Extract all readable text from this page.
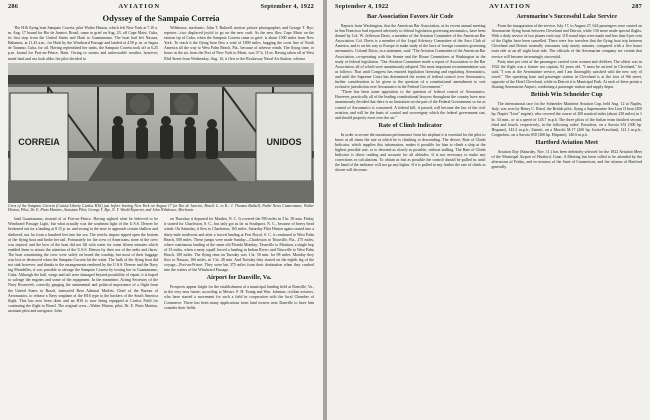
286	AVIATION	September 4, 1922
Odyssey of the Sampaio Correia

The H16 flying boat Sampaio Correia, pilot Walter Hinton, which left New York at 7.10 a. m. Aug. 17 bound for Rio de Janeiro, Brazil, came to grief on Aug. 23, off Cape Maisi, Cuba, its first stop from the United States and Haiti to Guantanamo. The boat had left Nassau, Bahamas, at 11.43 a.m., for Haiti by the Windward Passage and landed at 4.50 p. m. at Sagua de Tanamo, Cuba, for oil. Having replenished her tanks, the Sampaio Correia took off at 6.25 p.m. bound for Port-au-Prince, Haiti. Owing to storms and unfavorable weather, however, made land and sea look alike, the pilot decided to

Wilshouse, mechanic; John T. Baltzell, motion picture photographer; and George T. Bye, reporter—two displaced joyful to go on the new craft. As the new flier, Cape Maisi on the eastern tip of Cuba, when the Sampaio Correia came to grief, is about 1500 miles from New York. To reach it the flying boat flew a total of 1800 miles, hugging the coast line of North America all the way to West Palm Beach, Fla., because of adverse winds. The flying time, or hours in the air, from the Port of New York to Maisi, was 37 h. 14 m. Having taken off at West 83rd Street from Wednesday, Aug. 16, it flew to the Rockaway Naval Air Station, whence

CORREIA	UNIDOS

Crew of the Sampaio Correia (Curtiss-Liberty Curtiss H16) just before leaving New York on August 17 for Rio de Janeiro, Brazil. L. to R.: J. Thomas Baltzell, Pathé News Cameraman; Walter Hinton, Pilot; Dr. E. Pinto Martins, Assistant Pilot; George T. Bye, N. Y. World Reporter, and John Wilshouse, Mechanic

land Guantanamo, instead of at Port-au-Prince. Having sighted what he believed to be Windward Passage Light, but what actually was the southeast light of the U.S.S. Denver he beckoned out for a landing at 8.15 p. m. and swung to the nose to approach certain shallow and sheltered, not far from a hundred feet into the sea. The terrific impact ripped open the bottom of the flying boat and broke her tail. Fortunately for the crew of Americans, none of the crew was injured, and the bow of the boat did not fill with water for some fifteen minutes which enabled them to attract the attention of the U.S.S. Denver by their use of the radio and flares. The boat constituting the crew were safely on board the warship, but most of their baggage was lost or destroyed when the Sampaio Correia hit the water. The hulk of the flying boat did not sink however, and thanks to the arrangements rendered by the U.S.S. Denver and the Navy tug Mondelles, it was possible to salvage the Sampaio Correia by towing her to Guantanamo, Cuba. Although the hull, wings and tail were damaged beyond possibility of repair, it is hoped to salvage the engines and some of the equipment. In the meantime, Acting Secretary of the Navy Roosevelt, correctly gauging the sentimental and political importance of a flight from the United States to Brazil, instructed Rear Admiral Moffett, Chief of the Bureau of Aeronautics, to release a Navy seaplane of the H16 type to the backers of the South America flight. This has now been done and an H16 is now being equipped at Curtiss Field for continuing the flight to Brazil. The original crew—Walter Hinton, pilot; Dr. E. Pinto Martins, assistant pilot and navigator; John

on Thursday it departed for Maiden, N. C. It covered the 590 miles in 5 hr. 50 min. Friday it started for Charleston, S. C., but only got as far as Southport, N. C., because of heavy head winds. On Saturday, it flew to Charleston, 165 miles. Saturday Pilot Hinton again caused into a thirty-mile northwest and after a forced landing at Port Royal, S. C. it continued to West Palm Beach, 500 miles. These jumps were made Sunday—Charleston to Titusville, Fla., 275 miles, where continuous landing of the same old Florida Monday; Titusville to Maitnon, a single hop of 33 miles, when a nasty squall forced a landing in Indian River; and Titusville to West Palm Beach, 100 miles. The flying time on Tuesday was 1 hr. 50 min. for 98 miles. Monday they flew to Nassau, 160 miles, in 1 hr. 28 min. And Tuesday they started on the eighth leg of the voyage—Port-au-Prince. They were but 375 miles from their destination when they crashed into the waters of the Windward Passage.

Airport for Danville, Va.

Prospects appear bright for the establishment of a municipal landing field at Danville, Va., in the very near future, according to Messrs. F. H. Young and Wm. Johnson, civilian aviators, who have started a movement for such a field in cooperation with the local Chamber of Commerce. There has been many applications from land owners near Danville to have him consider their fields.

September 4, 1922	AVIATION	287
Bar Association Favors Air Code

Reports from Washington, that the American Bar Association, at its recent annual meeting in San Francisco had reported adversely to federal legislation governing aeronautics, have been denied by Col. W. Jefferson Davis, a member of the Aviation Committee of the American Bar Association. Col. Davis is a member of the Legal Advisory Committee of the Aero Club of America, and is on his way to Europe to make study of the laws of foreign countries governing aeronautics. Colonel Davis, in a statement, said: "The Aviation Committee of the American Bar Association, co-operating with the Senate and the House Committees at Washington in the study of federal legislation. "Our Aviation Committee made a report of Association to the Bar Association, all of which were unanimously adopted. The most important recommendation was as follows: That until Congress has enacted legislation licensing and regulating Aeronautics, and until the Supreme Court has determined the extent of federal control over Aeronautics, further consideration to be given to the question of a constitutional amendment to vest exclusive jurisdiction over Aeronautics in the Federal Government."

"There has been some opposition to the question of federal control of Aeronautics. However, practically all of the leading constitutional lawyers throughout the country have now unanimously decided that there is no limitation on the part of the Federal Government so far as control of Aeronautics is concerned. A federal bill, if passed, will become the law of the civil aviation, and will be the basis of control and sovereignty which the federal government can, and should properly exert over the air."

Rate of Climb Indicator

In order to secure the maximum performance from his airplane it is essential for the pilot to know at all times the rate at which he is climbing or descending. The device, Rate of Climb Indicator, which supplies this information, makes it possible for him to climb a ship at the highest possible rate, or to descend as slowly as possible, without stalling. The Rate of Climb Indicator is direct reading and accurate for all altitudes. It is not necessary to make any corrections or calculations. To obtain as fast as possible the control should be pulled in, until the hand of the indicator will not go any higher. If it is pulled in any further the rate of climb as shown will decrease.

Aeromarine's Successful Lake Service

From the inauguration of the service, July 17, to August 27, 624 passengers were carried on Aeromarine flying boats between Cleveland and Detroit, while 150 more made special flights. With a daily service of two planes each way 118 round trips were made and less than 6 per cent of the flights have been cancelled. There were few travelers that the flying boat trip between Cleveland and Detroit normally consumes only ninety minutes, compared with a five hours train ride or an all night boat ride. The officials of the Aeromarine company are certain that service will become increasingly successful.

Forty nine per cent of the passengers carried were women and children. The oldest was in 1922 the flight was a former sea captain, 92 years old. "I must be arrived in Cleveland," he said, "I was at the Aeromarine service, and I am thoroughly satisfied with the new way of travel." The operating base and passenger station in Cleveland is at the foot of 9th street, opposite of the Hotel Cleveland, while in Detroit it is Municipal Park. At each of these points a floating Aeromarine Airport, combining a passenger station and supply depot.

British Win Schneider Cup

The international race for the Schneider Maritime Aviation Cup, held Aug. 12 at Naples, Italy, was won by Henry C. Biard, the British pilot, flying a Supermarine Sea Lion II boat (450 hp. Napier "Lion" engine), who covered the course of 200 nautical miles (about 230 miles) in 1 hr. 34 min., or at a speed of 145.7 m.p.h. The three pilots of the Italian team finished second, third and fourth, respectively, in the following order: Passaleva, on a Savoia S51 (300 hp. Hispano), 143.2 m.p.h.; Zanetti, on a Macchi M.17 (260 hp. Isotta-Fraschini), 141.1 m.p.h.; Corgnolino, on a Savoia S50 (300 hp. Hispano), 140.6 m.p.h.

Hartford Aviation Meet

Aviation Day (Saturday, Nov. 11.) has been definitely selected for the 1922 Aviation Meet of the Municipal Airport of Hartford, Conn. A Meeting has been called to be attended by the afternoons of Friday, and ex-aviators of the State of Connecticut, and the citizens of Hartford generally.
